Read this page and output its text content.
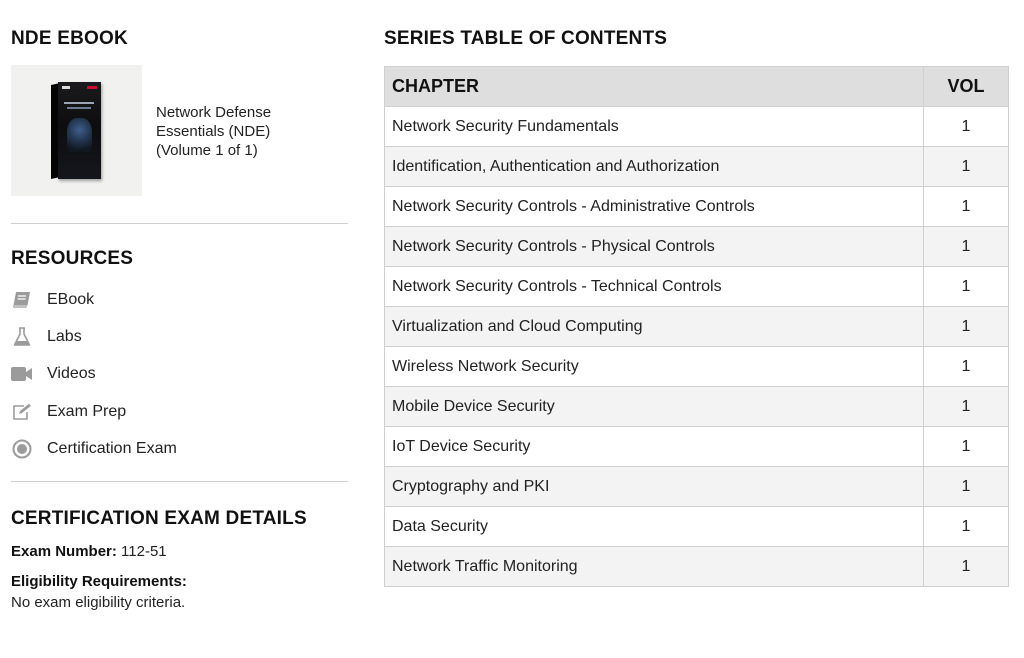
NDE EBOOK
Network Defense
Essentials (NDE)
(Volume 1 of 1)
RESOURCES
EBook
Labs
Videos
Exam Prep
Certification Exam
CERTIFICATION EXAM DETAILS
Exam Number: 112-51
Eligibility Requirements:
No exam eligibility criteria.
SERIES TABLE OF CONTENTS
CHAPTER	VOL
Network Security Fundamentals	1
Identification, Authentication and Authorization	1
Network Security Controls - Administrative Controls	1
Network Security Controls - Physical Controls	1
Network Security Controls - Technical Controls	1
Virtualization and Cloud Computing	1
Wireless Network Security	1
Mobile Device Security	1
IoT Device Security	1
Cryptography and PKI	1
Data Security	1
Network Traffic Monitoring	1
